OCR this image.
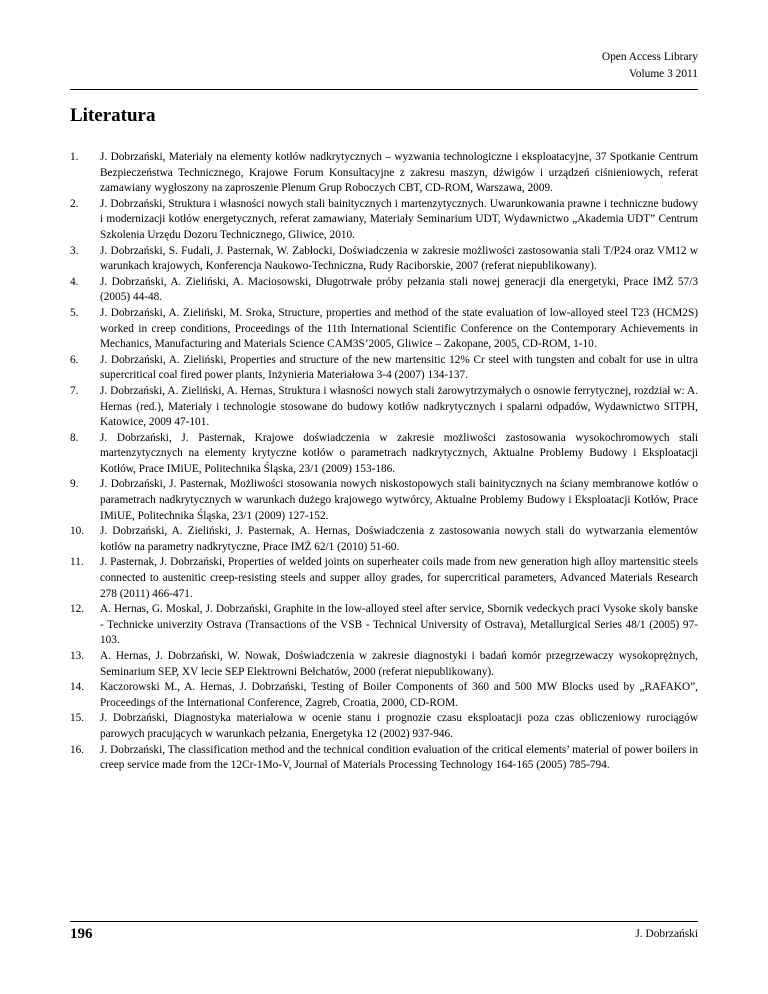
Open Access Library
Volume 3 2011
Literatura
1. J. Dobrzański, Materiały na elementy kotłów nadkrytycznych – wyzwania technologiczne i eksploatacyjne, 37 Spotkanie Centrum Bezpieczeństwa Technicznego, Krajowe Forum Konsultacyjne z zakresu maszyn, dźwigów i urządzeń ciśnieniowych, referat zamawiany wygłoszony na zaproszenie Plenum Grup Roboczych CBT, CD-ROM, Warszawa, 2009.
2. J. Dobrzański, Struktura i własności nowych stali bainitycznych i martenzytycznych. Uwarunkowania prawne i techniczne budowy i modernizacji kotłów energetycznych, referat zamawiany, Materiały Seminarium UDT, Wydawnictwo „Akademia UDT” Centrum Szkolenia Urzędu Dozoru Technicznego, Gliwice, 2010.
3. J. Dobrzański, S. Fudali, J. Pasternak, W. Zabłocki, Doświadczenia w zakresie możliwości zastosowania stali T/P24 oraz VM12 w warunkach krajowych, Konferencja Naukowo-Techniczna, Rudy Raciborskie, 2007 (referat niepublikowany).
4. J. Dobrzański, A. Zieliński, A. Maciosowski, Długotrwałe próby pełzania stali nowej generacji dla energetyki, Prace IMŻ 57/3 (2005) 44-48.
5. J. Dobrzański, A. Zieliński, M. Sroka, Structure, properties and method of the state evaluation of low-alloyed steel T23 (HCM2S) worked in creep conditions, Proceedings of the 11th International Scientific Conference on the Contemporary Achievements in Mechanics, Manufacturing and Materials Science CAM3S’2005, Gliwice – Zakopane, 2005, CD-ROM, 1-10.
6. J. Dobrzański, A. Zieliński, Properties and structure of the new martensitic 12% Cr steel with tungsten and cobalt for use in ultra supercritical coal fired power plants, Inżynieria Materiałowa 3-4 (2007) 134-137.
7. J. Dobrzański, A. Zieliński, A. Hernas, Struktura i własności nowych stali żarowytrzymałych o osnowie ferrytycznej, rozdział w: A. Hernas (red.), Materiały i technologie stosowane do budowy kotłów nadkrytycznych i spalarni odpadów, Wydawnictwo SITPH, Katowice, 2009 47-101.
8. J. Dobrzański, J. Pasternak, Krajowe doświadczenia w zakresie możliwości zastosowania wysokochromowych stali martenzytycznych na elementy krytyczne kotłów o parametrach nadkrytycznych, Aktualne Problemy Budowy i Eksploatacji Kotłów, Prace IMiUE, Politechnika Śląska, 23/1 (2009) 153-186.
9. J. Dobrzański, J. Pasternak, Możliwości stosowania nowych niskostopowych stali bainitycznych na ściany membranowe kotłów o parametrach nadkrytycznych w warunkach dużego krajowego wytwórcy, Aktualne Problemy Budowy i Eksploatacji Kotłów, Prace IMiUE, Politechnika Śląska, 23/1 (2009) 127-152.
10. J. Dobrzański, A. Zieliński, J. Pasternak, A. Hernas, Doświadczenia z zastosowania nowych stali do wytwarzania elementów kotłów na parametry nadkrytyczne, Prace IMŻ 62/1 (2010) 51-60.
11. J. Pasternak, J. Dobrzański, Properties of welded joints on superheater coils made from new generation high alloy martensitic steels connected to austenitic creep-resisting steels and supper alloy grades, for supercritical parameters, Advanced Materials Research 278 (2011) 466-471.
12. A. Hernas, G. Moskal, J. Dobrzański, Graphite in the low-alloyed steel after service, Sbornik vedeckych praci Vysoke skoly banske - Technicke univerzity Ostrava (Transactions of the VSB - Technical University of Ostrava), Metallurgical Series 48/1 (2005) 97-103.
13. A. Hernas, J. Dobrzański, W. Nowak, Doświadczenia w zakresie diagnostyki i badań komór przegrzewaczy wysokoprężnych, Seminarium SEP, XV lecie SEP Elektrowni Bełchatów, 2000 (referat niepublikowany).
14. Kaczorowski M., A. Hernas, J. Dobrzański, Testing of Boiler Components of 360 and 500 MW Blocks used by „RAFAKO”, Proceedings of the International Conference, Zagreb, Croatia, 2000, CD-ROM.
15. J. Dobrzański, Diagnostyka materiałowa w ocenie stanu i prognozie czasu eksploatacji poza czas obliczeniowy rurociągów parowych pracujących w warunkach pełzania, Energetyka 12 (2002) 937-946.
16. J. Dobrzański, The classification method and the technical condition evaluation of the critical elements’ material of power boilers in creep service made from the 12Cr-1Mo-V, Journal of Materials Processing Technology 164-165 (2005) 785-794.
196	J. Dobrzański
